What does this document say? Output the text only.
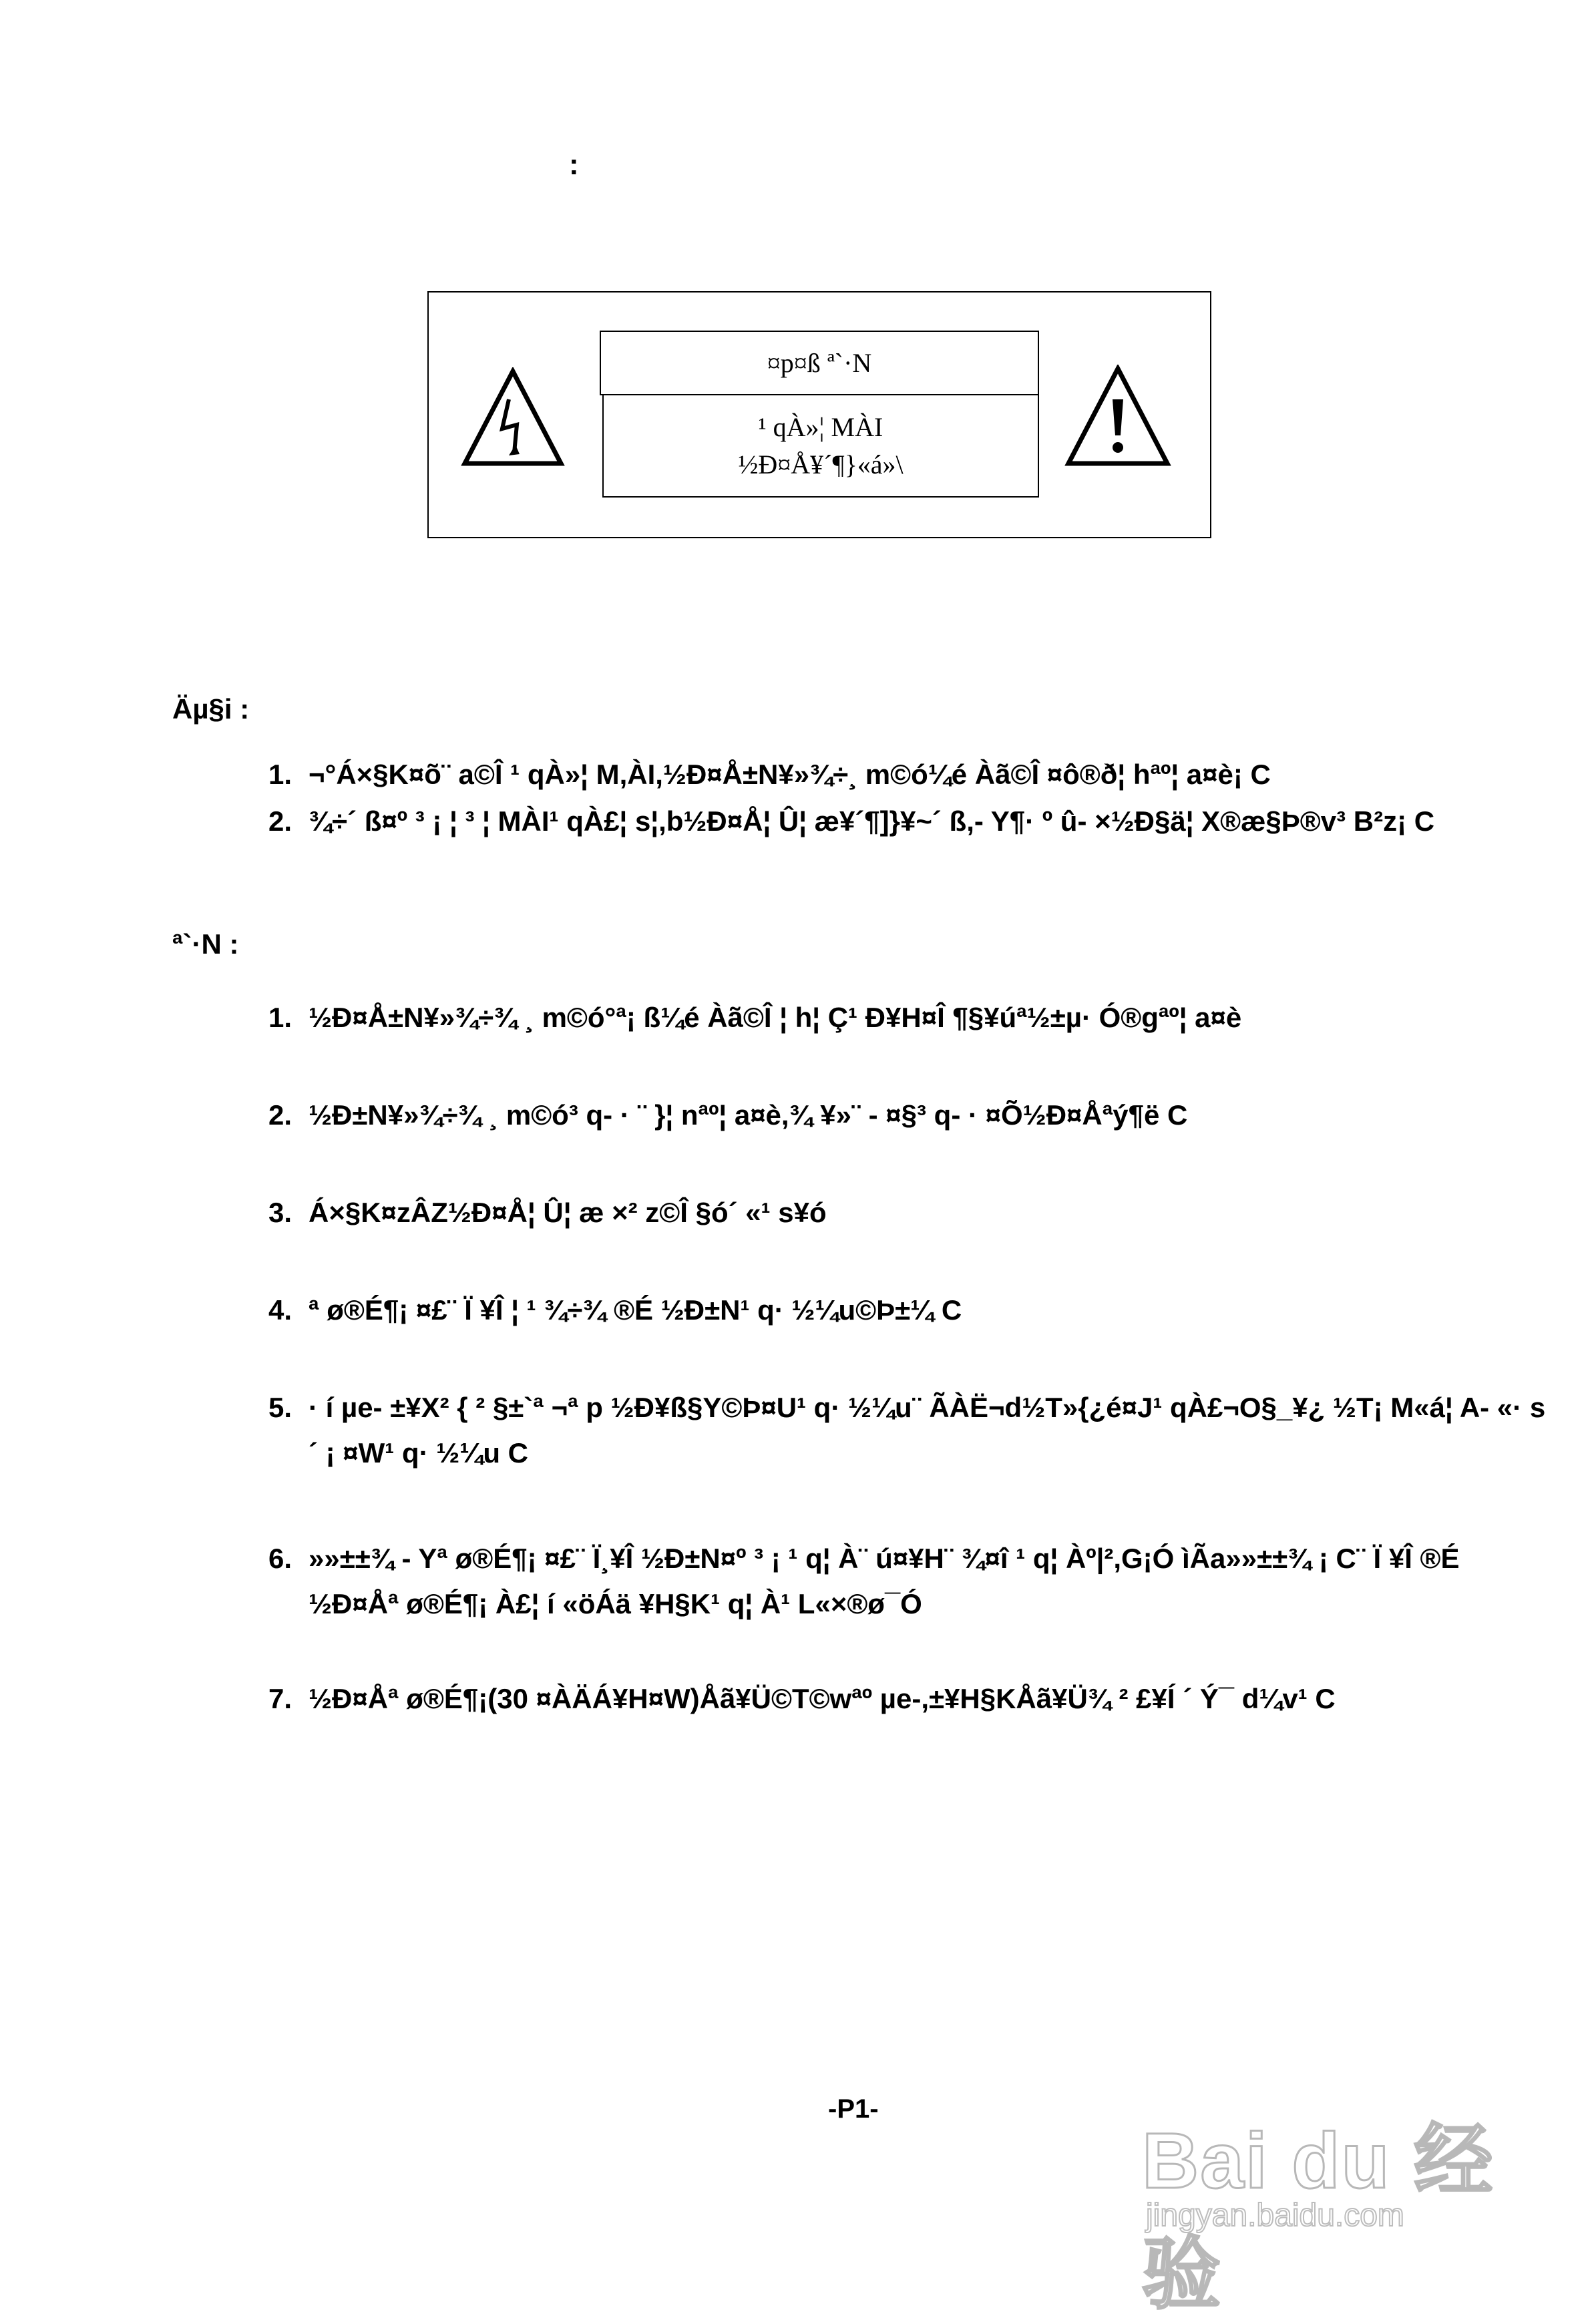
:
¤p¤ß ª`·N
¹ qÀ»¦ MÀI
½Ð¤Å¥´¶}«á»\
Äµ§i :
1. ¬°Á×§K¤õ¨ a©Î ¹ qÀ»¦ M,ÀI,½Ð¤Å±N¥»¾÷¸ m©ó¼é Àã©Î ¤ô®ð¦ hªº¦ a¤è¡ C
2. ¾÷´ ß¤º ³ ¡ ¦ ³ ¦ MÀI¹ qÀ£¦ s¦,b½Ð¤Å¦ Û¦ æ¥´¶]}¥~´ ß,- Y¶· º û- ×½Ð§ä¦ X®æ§Þ®v³ B²z¡ C
ª`·N :
1. ½Ð¤Å±N¥»¾÷¾ ¸ m©ó°ª¡ ß¼é Àã©Î ¦ h¦ Ç¹ Ð¥H¤Î ¶§¥úª½±µ· Ó®gªº¦ a¤è
2. ½Ð±N¥»¾÷¾ ¸ m©ó³ q- · ¨ }¦ nªº¦ a¤è,¾ ¥»¨ - ¤§³ q- · ¤Õ½Ð¤Åªý¶ë C
3. Á×§K¤zÂZ½Ð¤Å¦ Û¦ æ ×² z©Î §ó´ «¹ s¥ó
4. ª ø®É¶¡ ¤£¨ Ï ¥Î ¦ ¹ ¾÷¾ ®É ½Ð±N¹ q· ½¼u©Þ±¼ C
5. · í µe- ±¥X² { ² §±`ª ¬ª p ½Ð¥ß§Y©Þ¤U¹ q· ½¼u¨ ÃÀË¬d½T»{¿é¤J¹ qÀ£¬O§_¥¿ ½T¡ M«á¦ A- «· s
´ ¡ ¤W¹ q· ½¼u C
6. »»±±¾ - Yª ø®É¶¡ ¤£¨ Ï¸¥Î ½Ð±N¤º ³ ¡ ¹ q¦ À¨ ú¤¥H¨ ¾¤î ¹ q¦ Àº|²,G¡Ó ìÃa»»±±¾ ¡ C¨ Ï ¥Î ®É
½Ð¤Åª ø®É¶¡ À£¦ í «öÁä ¥H§K¹ q¦ À¹ L«×®ø¯Ó
7. ½Ð¤Åª ø®É¶¡(30 ¤ÀÄÁ¥H¤W)Åã¥Ü©T©wªº µe-,±¥H§KÅã¥Ü¾ ² £¥Í ´ Ý¯ d¼v¹ C
-P1-
Bai du 经验
jingyan.baidu.com
